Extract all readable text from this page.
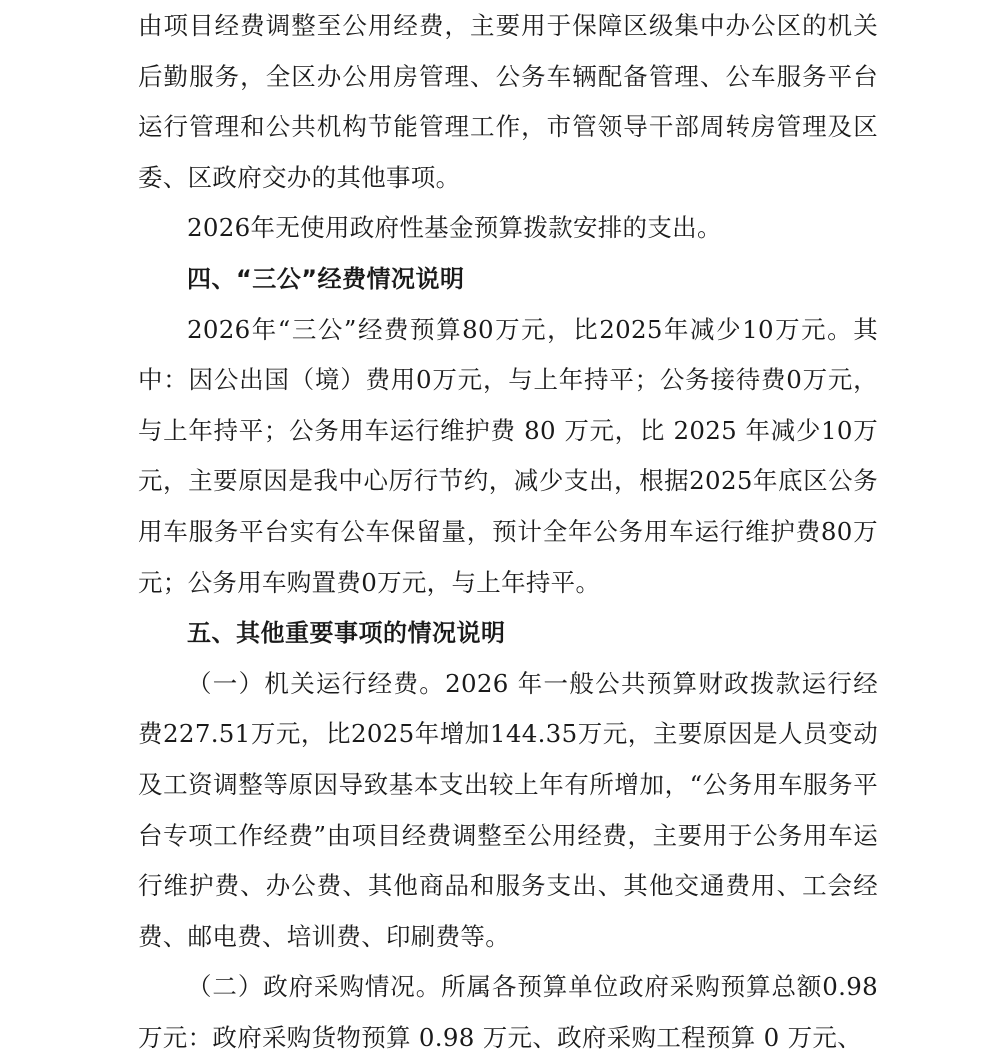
由项目经费调整至公用经费，主要用于保障区级集中办公区的机关后勤服务，全区办公用房管理、公务车辆配备管理、公车服务平台运行管理和公共机构节能管理工作，市管领导干部周转房管理及区委、区政府交办的其他事项。

2026年无使用政府性基金预算拨款安排的支出。

四、“三公”经费情况说明

2026年“三公”经费预算80万元，比2025年减少10万元。其中：因公出国（境）费用0万元，与上年持平；公务接待费0万元，与上年持平；公务用车运行维护费 80 万元，比 2025 年减少10万元，主要原因是我中心厉行节约，减少支出，根据2025年底区公务用车服务平台实有公车保留量，预计全年公务用车运行维护费80万元；公务用车购置费0万元，与上年持平。

五、其他重要事项的情况说明

（一）机关运行经费。2026 年一般公共预算财政拨款运行经费227.51万元，比2025年增加144.35万元，主要原因是人员变动及工资调整等原因导致基本支出较上年有所增加，“公务用车服务平台专项工作经费”由项目经费调整至公用经费，主要用于公务用车运行维护费、办公费、其他商品和服务支出、其他交通费用、工会经费、邮电费、培训费、印刷费等。

（二）政府采购情况。所属各预算单位政府采购预算总额0.98万元：政府采购货物预算 0.98 万元、政府采购工程预算 0 万元、
